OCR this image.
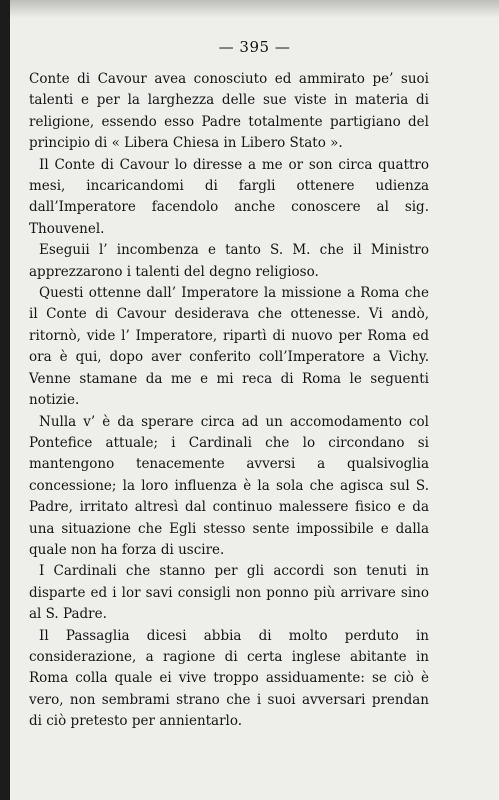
— 395 —

Conte di Cavour avea conosciuto ed ammirato pe’ suoi talenti e per la larghezza delle sue viste in materia di religione, essendo esso Padre totalmente partigiano del principio di « Libera Chiesa in Libero Stato ».

Il Conte di Cavour lo diresse a me or son circa quattro mesi, incaricandomi di fargli ottenere udienza dall’Imperatore facendolo anche conoscere al sig. Thouvenel.

Eseguii l’ incombenza e tanto S. M. che il Ministro apprezzarono i talenti del degno religioso.

Questi ottenne dall’ Imperatore la missione a Roma che il Conte di Cavour desiderava che ottenesse. Vi andò, ritornò, vide l’ Imperatore, ripartì di nuovo per Roma ed ora è qui, dopo aver conferito coll’Imperatore a Vichy. Venne stamane da me e mi reca di Roma le seguenti notizie.

Nulla v’ è da sperare circa ad un accomodamento col Pontefice attuale; i Cardinali che lo circondano si mantengono tenacemente avversi a qualsivoglia concessione; la loro influenza è la sola che agisca sul S. Padre, irritato altresì dal continuo malessere fisico e da una situazione che Egli stesso sente impossibile e dalla quale non ha forza di uscire.

I Cardinali che stanno per gli accordi son tenuti in disparte ed i lor savi consigli non ponno più arrivare sino al S. Padre.

Il Passaglia dicesi abbia di molto perduto in considerazione, a ragione di certa inglese abitante in Roma colla quale ei vive troppo assiduamente: se ciò è vero, non sembrami strano che i suoi avversari prendan di ciò pretesto per annientarlo.
